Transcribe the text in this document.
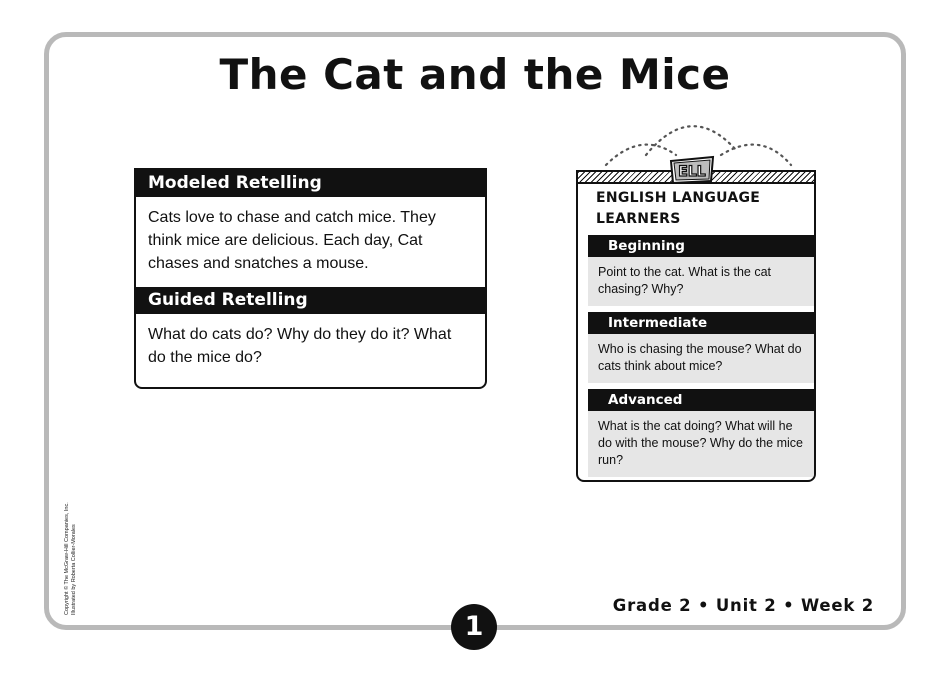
The Cat and the Mice
Modeled Retelling
Cats love to chase and catch mice. They think mice are delicious. Each day, Cat chases and snatches a mouse.
Guided Retelling
What do cats do? Why do they do it? What do the mice do?
ENGLISH LANGUAGE
LEARNERS
Beginning
Point to the cat. What is the cat chasing? Why?
Intermediate
Who is chasing the mouse? What do cats think about mice?
Advanced
What is the cat doing? What will he do with the mouse? Why do the mice run?
ELL
Grade 2 • Unit 2 • Week 2
1
Copyright © The McGraw-Hill Companies, Inc. Illustrated by Roberta Collier-Morales
